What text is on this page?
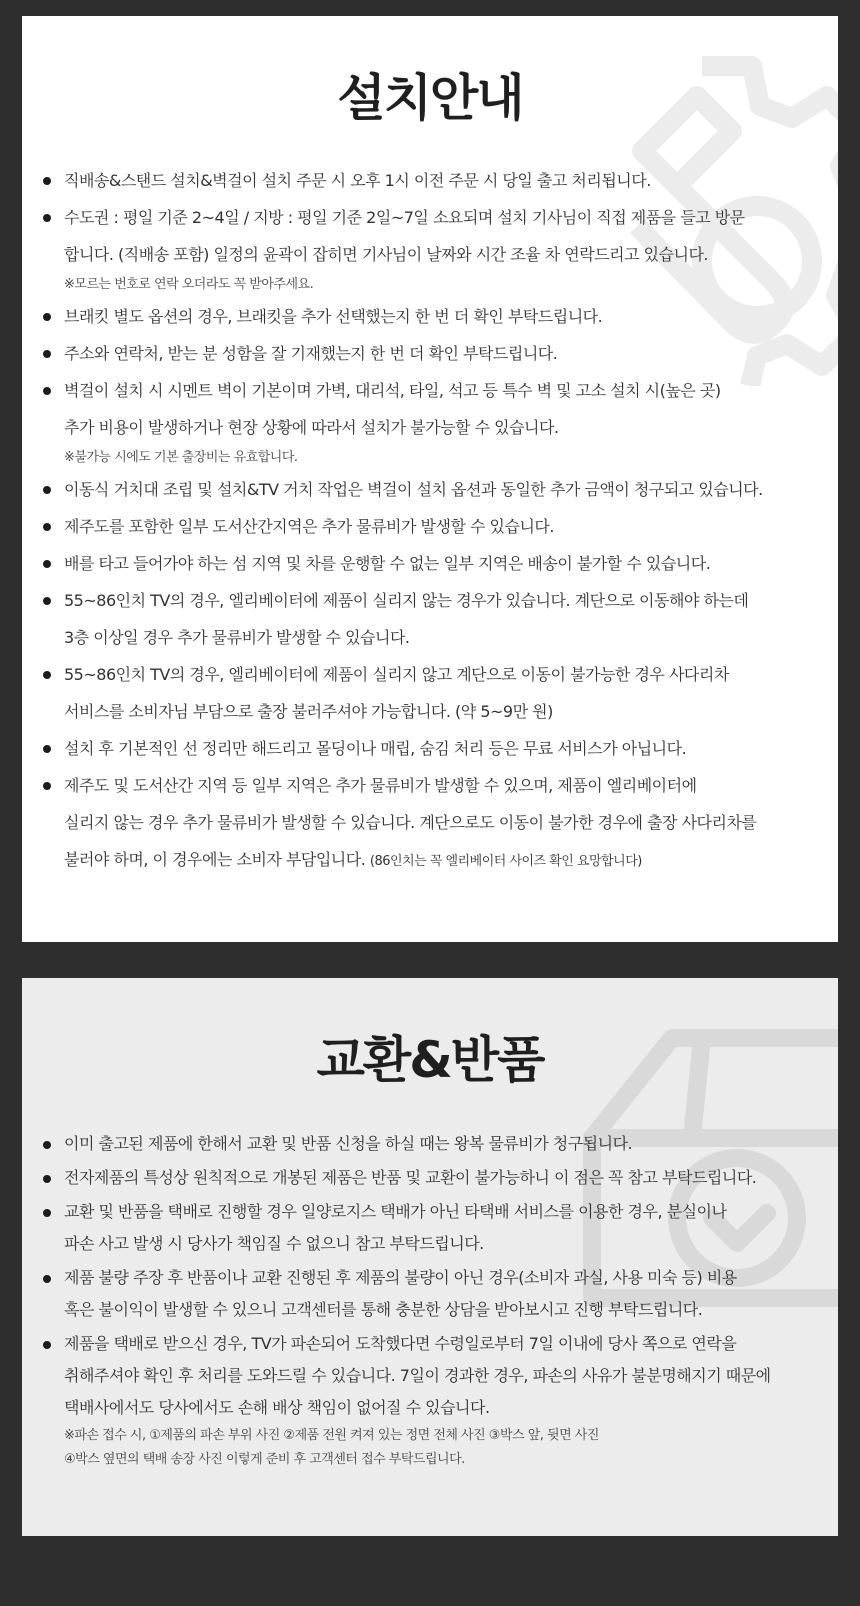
설치안내
직배송&스탠드 설치&벽걸이 설치 주문 시 오후 1시 이전 주문 시 당일 출고 처리됩니다.
수도권 : 평일 기준 2~4일 / 지방 : 평일 기준 2일~7일 소요되며 설치 기사님이 직접 제품을 들고 방문
합니다. (직배송 포함) 일정의 윤곽이 잡히면 기사님이 날짜와 시간 조율 차 연락드리고 있습니다.
※모르는 번호로 연락 오더라도 꼭 받아주세요.
브래킷 별도 옵션의 경우, 브래킷을 추가 선택했는지 한 번 더 확인 부탁드립니다.
주소와 연락처, 받는 분 성함을 잘 기재했는지 한 번 더 확인 부탁드립니다.
벽걸이 설치 시 시멘트 벽이 기본이며 가벽, 대리석, 타일, 석고 등 특수 벽 및 고소 설치 시(높은 곳)
추가 비용이 발생하거나 현장 상황에 따라서 설치가 불가능할 수 있습니다.
※불가능 시에도 기본 출장비는 유효합니다.
이동식 거치대 조립 및 설치&TV 거치 작업은 벽걸이 설치 옵션과 동일한 추가 금액이 청구되고 있습니다.
제주도를 포함한 일부 도서산간지역은 추가 물류비가 발생할 수 있습니다.
배를 타고 들어가야 하는 섬 지역 및 차를 운행할 수 없는 일부 지역은 배송이 불가할 수 있습니다.
55~86인치 TV의 경우, 엘리베이터에 제품이 실리지 않는 경우가 있습니다. 계단으로 이동해야 하는데
3층 이상일 경우 추가 물류비가 발생할 수 있습니다.
55~86인치 TV의 경우, 엘리베이터에 제품이 실리지 않고 계단으로 이동이 불가능한 경우 사다리차
서비스를 소비자님 부담으로 출장 불러주셔야 가능합니다. (약 5~9만 원)
설치 후 기본적인 선 정리만 해드리고 몰딩이나 매립, 숨김 처리 등은 무료 서비스가 아닙니다.
제주도 및 도서산간 지역 등 일부 지역은 추가 물류비가 발생할 수 있으며, 제품이 엘리베이터에
실리지 않는 경우 추가 물류비가 발생할 수 있습니다. 계단으로도 이동이 불가한 경우에 출장 사다리차를
불러야 하며, 이 경우에는 소비자 부담입니다. (86인치는 꼭 엘리베이터 사이즈 확인 요망합니다)
교환&반품
이미 출고된 제품에 한해서 교환 및 반품 신청을 하실 때는 왕복 물류비가 청구됩니다.
전자제품의 특성상 원칙적으로 개봉된 제품은 반품 및 교환이 불가능하니 이 점은 꼭 참고 부탁드립니다.
교환 및 반품을 택배로 진행할 경우 일양로지스 택배가 아닌 타택배 서비스를 이용한 경우, 분실이나
파손 사고 발생 시 당사가 책임질 수 없으니 참고 부탁드립니다.
제품 불량 주장 후 반품이나 교환 진행된 후 제품의 불량이 아닌 경우(소비자 과실, 사용 미숙 등) 비용
혹은 불이익이 발생할 수 있으니 고객센터를 통해 충분한 상담을 받아보시고 진행 부탁드립니다.
제품을 택배로 받으신 경우, TV가 파손되어 도착했다면 수령일로부터 7일 이내에 당사 쪽으로 연락을
취해주셔야 확인 후 처리를 도와드릴 수 있습니다. 7일이 경과한 경우, 파손의 사유가 불분명해지기 때문에
택배사에서도 당사에서도 손해 배상 책임이 없어질 수 있습니다.
※파손 접수 시, ①제품의 파손 부위 사진 ②제품 전원 켜져 있는 정면 전체 사진 ③박스 앞, 뒷면 사진
④박스 옆면의 택배 송장 사진 이렇게 준비 후 고객센터 접수 부탁드립니다.
